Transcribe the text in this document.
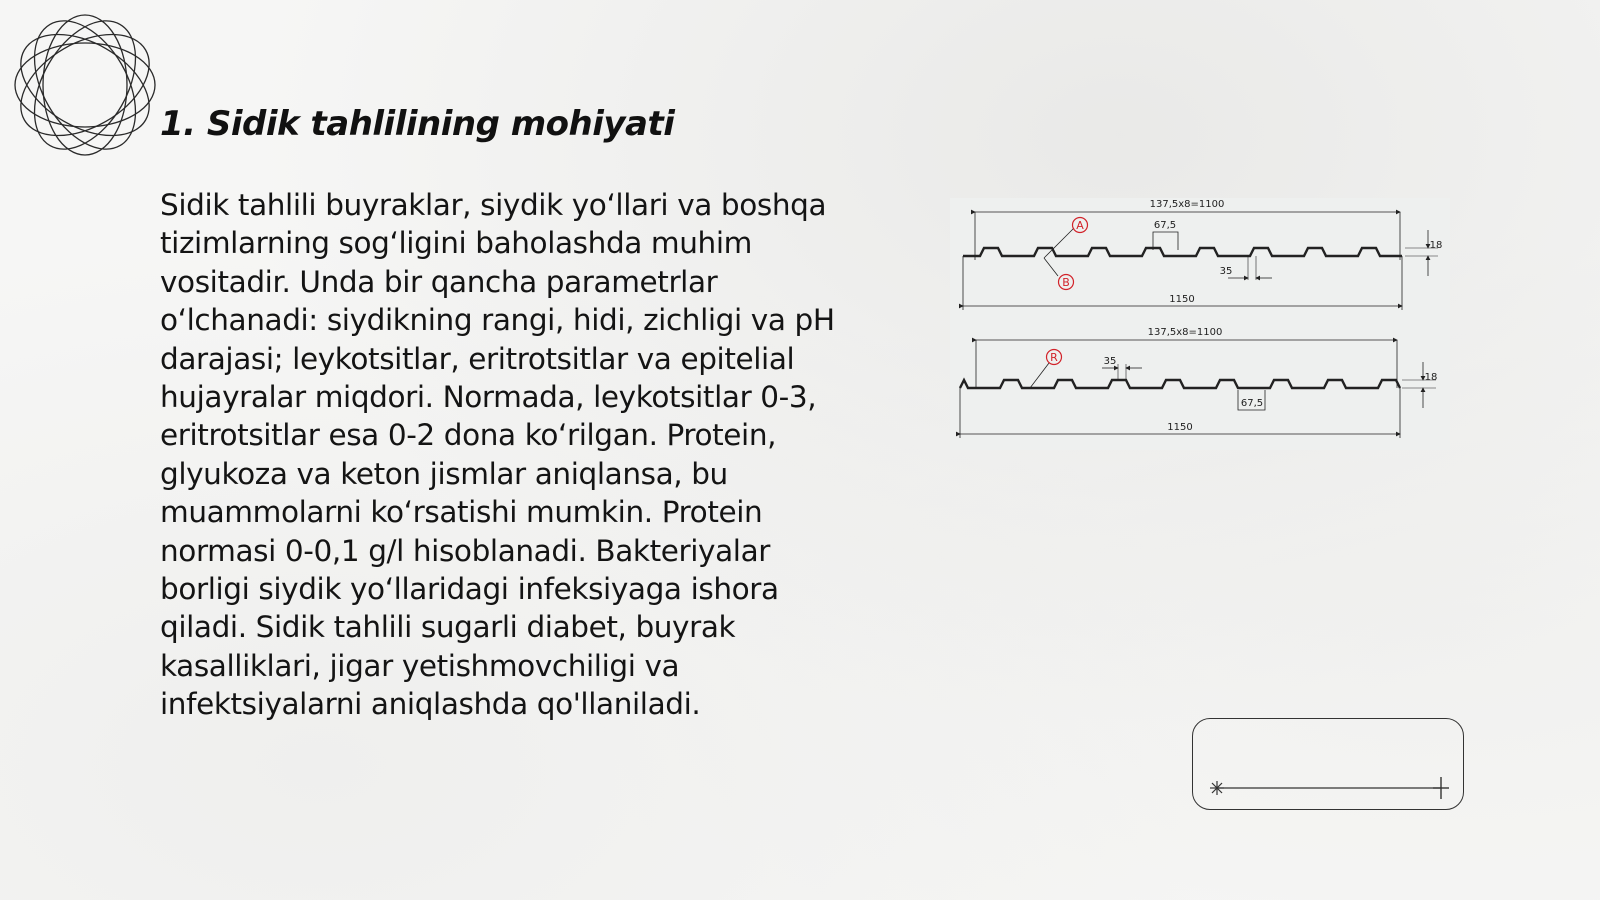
1. Sidik tahlilining mohiyati
Sidik tahlili buyraklar, siydik yo‘llari va boshqa tizimlarning sog‘ligini baholashda muhim vositadir. Unda bir qancha parametrlar o‘lchanadi: siydikning rangi, hidi, zichligi va pH darajasi; leykotsitlar, eritrotsitlar va epitelial hujayralar miqdori. Normada, leykotsitlar 0-3, eritrotsitlar esa 0-2 dona ko‘rilgan. Protein, glyukoza va keton jismlar aniqlansa, bu muammolarni ko‘rsatishi mumkin. Protein normasi 0-0,1 g/l hisoblanadi. Bakteriyalar borligi siydik yo‘llaridagi infeksiyaga ishora qiladi. Sidik tahlili sugarli diabet, buyrak kasalliklari, jigar yetishmovchiligi va infektsiyalarni aniqlashda qo'llaniladi.
A
B
137,5x8=1100
67,5
35
18
1150
R
137,5x8=1100
35
67,5
18
1150
